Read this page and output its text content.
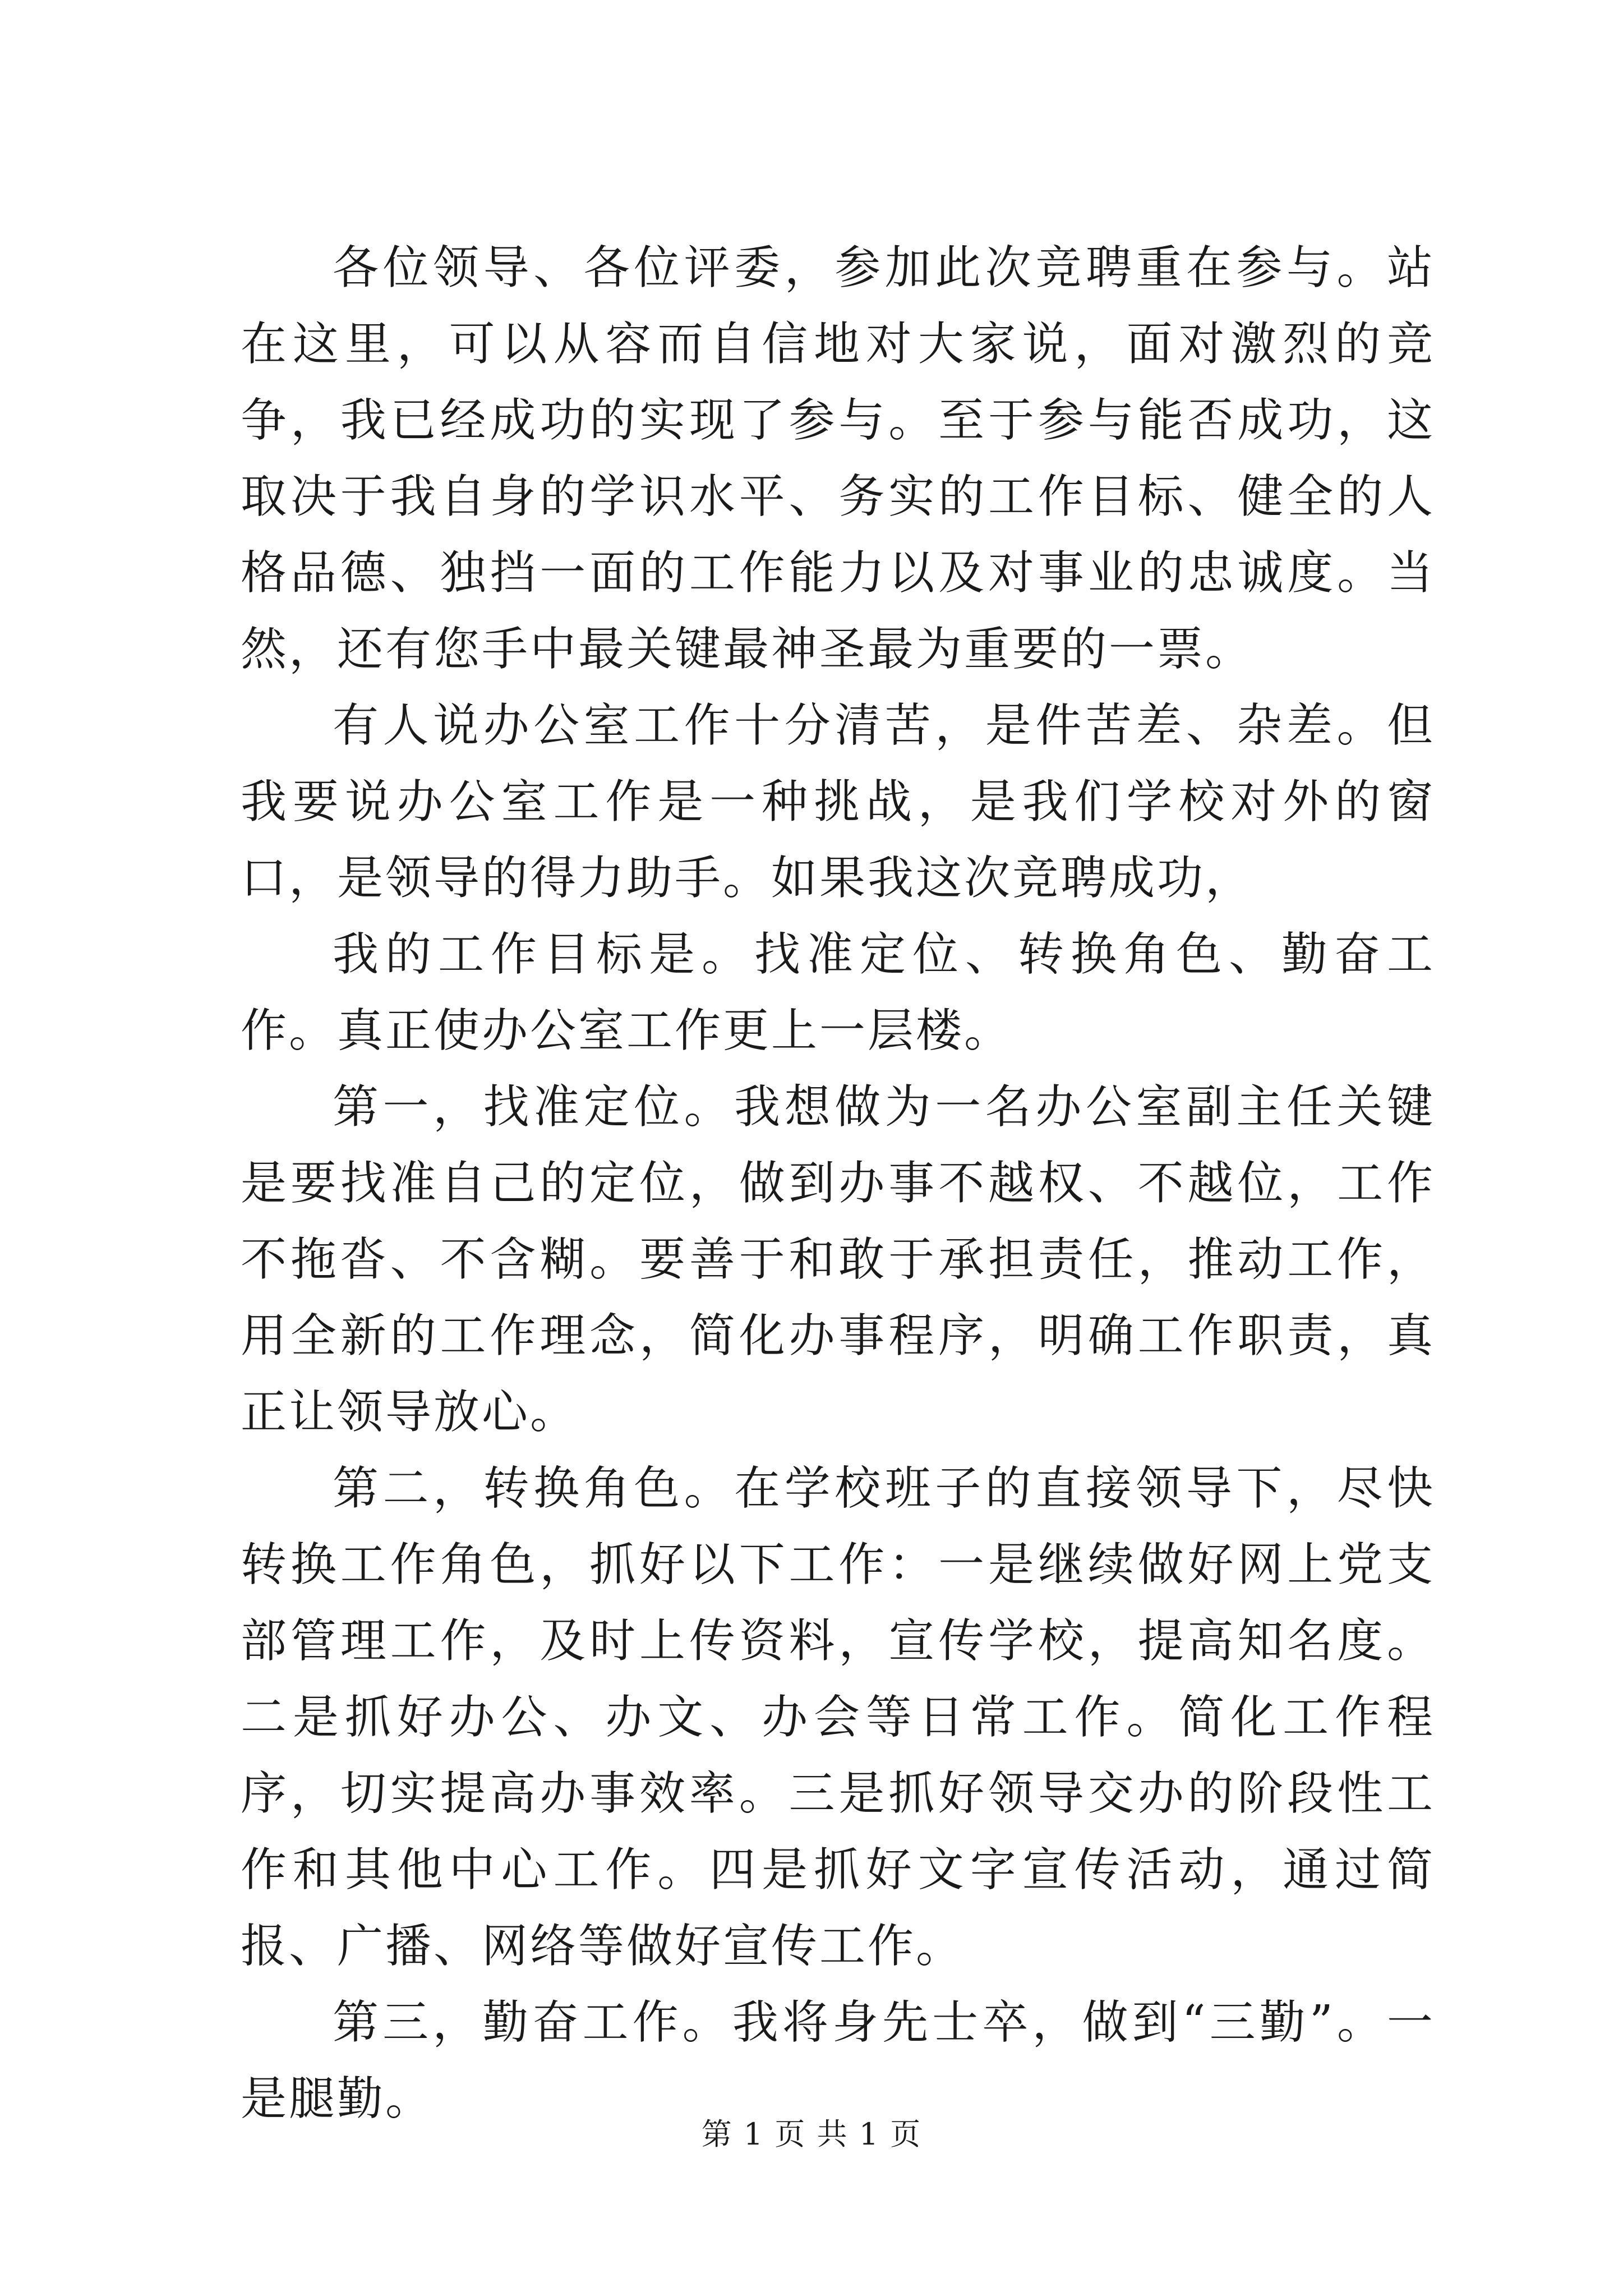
各位领导、各位评委，参加此次竞聘重在参与。站在这里，可以从容而自信地对大家说，面对激烈的竞争，我已经成功的实现了参与。至于参与能否成功，这取决于我自身的学识水平、务实的工作目标、健全的人格品德、独挡一面的工作能力以及对事业的忠诚度。当然，还有您手中最关键最神圣最为重要的一票。

有人说办公室工作十分清苦，是件苦差、杂差。但我要说办公室工作是一种挑战，是我们学校对外的窗口，是领导的得力助手。如果我这次竞聘成功，

我的工作目标是。找准定位、转换角色、勤奋工作。真正使办公室工作更上一层楼。

第一，找准定位。我想做为一名办公室副主任关键是要找准自己的定位，做到办事不越权、不越位，工作不拖沓、不含糊。要善于和敢于承担责任，推动工作，用全新的工作理念，简化办事程序，明确工作职责，真正让领导放心。

第二，转换角色。在学校班子的直接领导下，尽快转换工作角色，抓好以下工作：一是继续做好网上党支部管理工作，及时上传资料，宣传学校，提高知名度。二是抓好办公、办文、办会等日常工作。简化工作程序，切实提高办事效率。三是抓好领导交办的阶段性工作和其他中心工作。四是抓好文字宣传活动，通过简报、广播、网络等做好宣传工作。

第三，勤奋工作。我将身先士卒，做到“三勤”。一是腿勤。

第 1 页 共 1 页
